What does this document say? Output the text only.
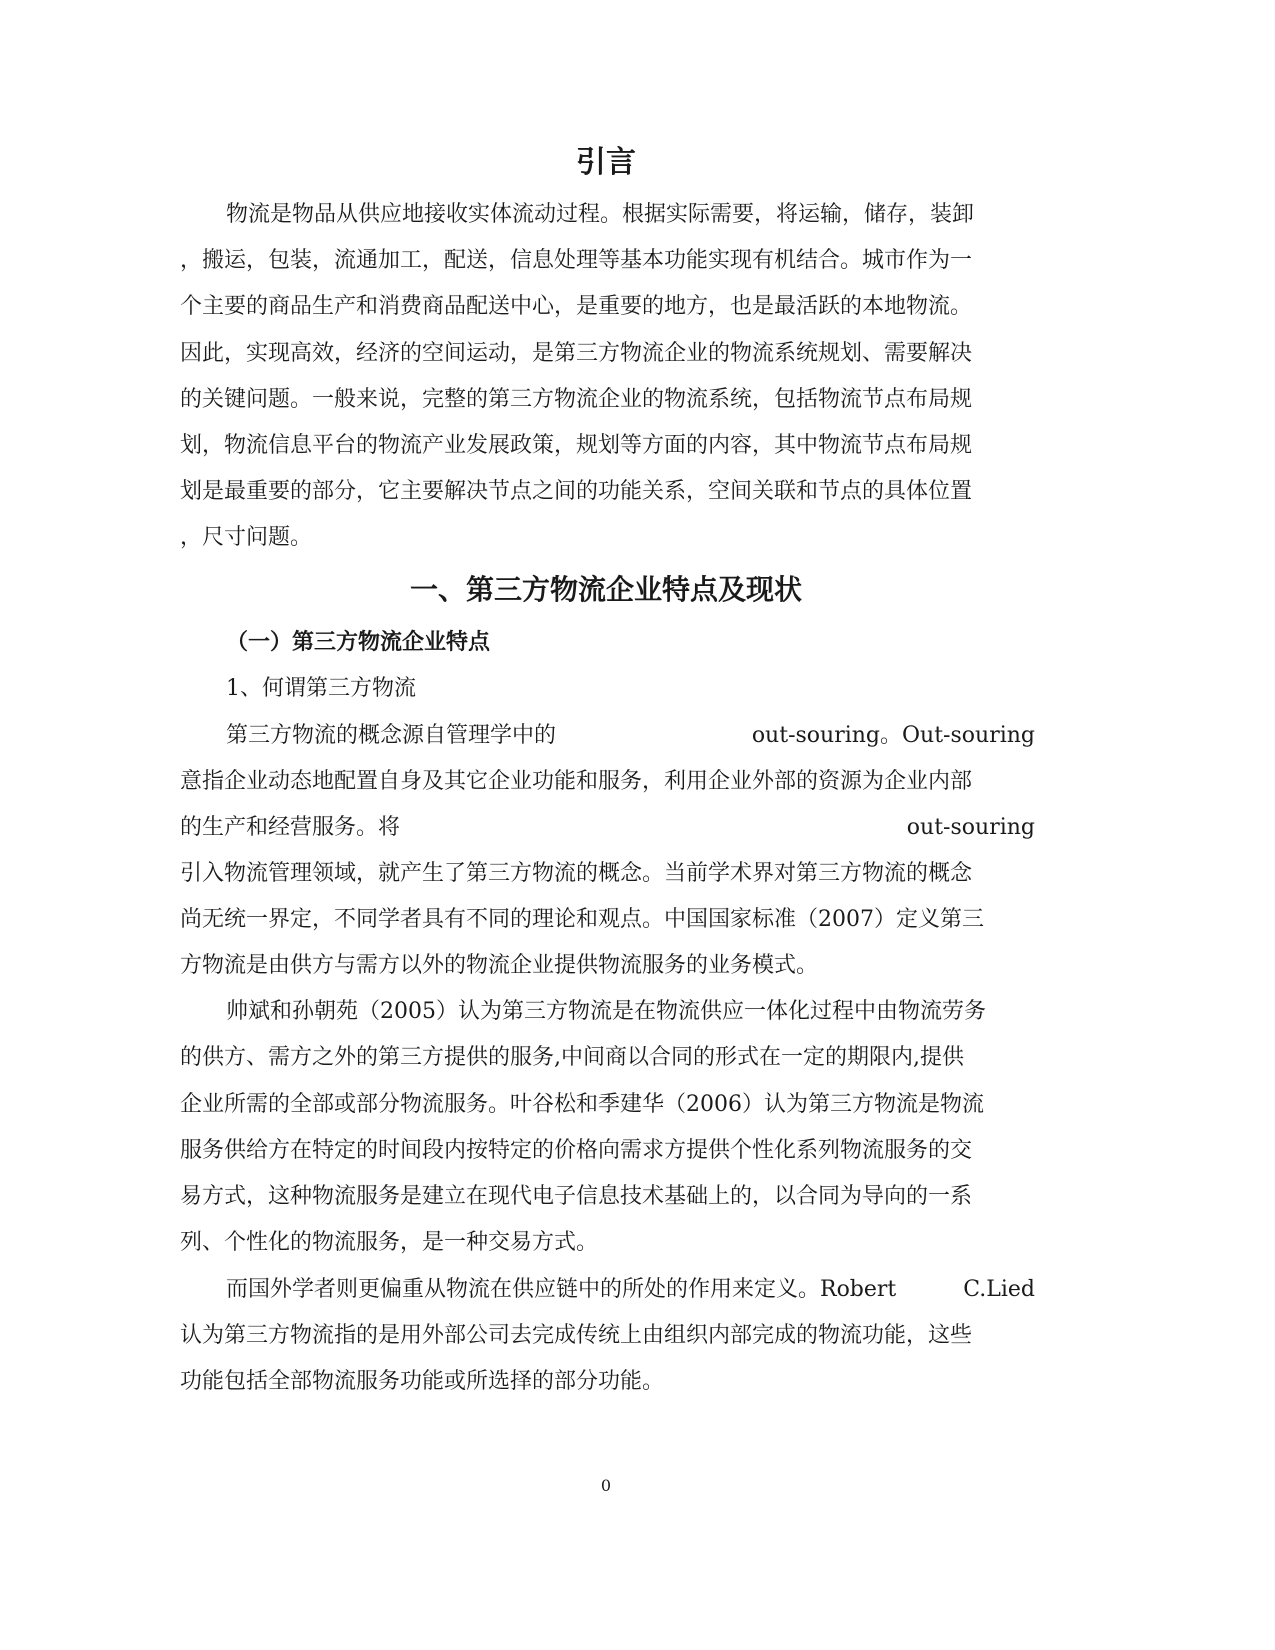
引言
物流是物品从供应地接收实体流动过程。根据实际需要，将运输，储存，装卸
，搬运，包装，流通加工，配送，信息处理等基本功能实现有机结合。城市作为一
个主要的商品生产和消费商品配送中心，是重要的地方，也是最活跃的本地物流。
因此，实现高效，经济的空间运动，是第三方物流企业的物流系统规划、需要解决
的关键问题。一般来说，完整的第三方物流企业的物流系统，包括物流节点布局规
划，物流信息平台的物流产业发展政策，规划等方面的内容，其中物流节点布局规
划是最重要的部分，它主要解决节点之间的功能关系，空间关联和节点的具体位置
，尺寸问题。
一、第三方物流企业特点及现状
（一）第三方物流企业特点
1、何谓第三方物流
第三方物流的概念源自管理学中的	out-souring。Out-souring
意指企业动态地配置自身及其它企业功能和服务，利用企业外部的资源为企业内部
的生产和经营服务。将	out-souring
引入物流管理领域，就产生了第三方物流的概念。当前学术界对第三方物流的概念
尚无统一界定，不同学者具有不同的理论和观点。中国国家标准（2007）定义第三
方物流是由供方与需方以外的物流企业提供物流服务的业务模式。
帅斌和孙朝苑（2005）认为第三方物流是在物流供应一体化过程中由物流劳务
的供方、需方之外的第三方提供的服务,中间商以合同的形式在一定的期限内,提供
企业所需的全部或部分物流服务。叶谷松和季建华（2006）认为第三方物流是物流
服务供给方在特定的时间段内按特定的价格向需求方提供个性化系列物流服务的交
易方式，这种物流服务是建立在现代电子信息技术基础上的，以合同为导向的一系
列、个性化的物流服务，是一种交易方式。
而国外学者则更偏重从物流在供应链中的所处的作用来定义。Robert	C.Lied
认为第三方物流指的是用外部公司去完成传统上由组织内部完成的物流功能，这些
功能包括全部物流服务功能或所选择的部分功能。
0
